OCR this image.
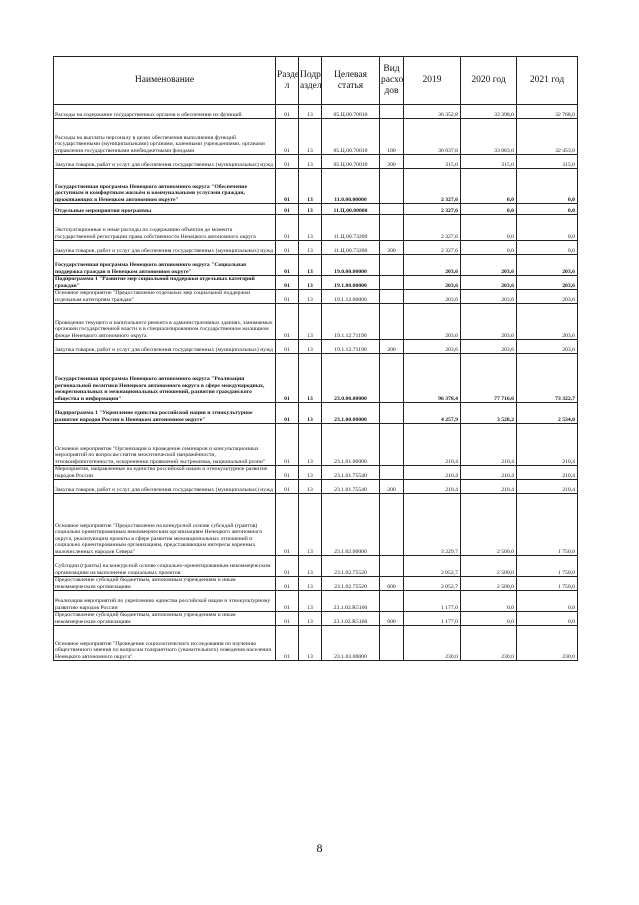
Наименование	Разде л	Подр аздел	Целевая статья	Вид расхо дов	2019	2020 год	2021 год
Расходы на содержание государственных органов и обеспечение их функций	01	13	05.Ц.00.70010		36 352,8	33 398,0	32 768,0
Расходы на выплаты персоналу в целях обеспечения выполнения функций государственными (муниципальными) органами, казенными учреждениями, органами управления государственными внебюджетными фондами	01	13	05.Ц.00.70010	100	36 037,8	33 083,0	32 453,0
Закупка товаров, работ и услуг для обеспечения государственных (муниципальных) нужд	01	13	05.Ц.00.70010	200	315,0	315,0	315,0
Государственная программа Ненецкого автономного округа "Обеспечение доступным и комфортным жильём и коммунальными услугами граждан, проживающих в Ненецком автономном округе"	01	13	11.0.00.00000		2 327,6	0,0	0,0
Отдельные мероприятия программы	01	13	11.Ц.00.00000		2 327,6	0,0	0,0
Эксплуатационные и иные расходы по содержанию объектов до момента государственной регистрации права собственности Ненецкого автономного округа	01	13	11.Ц.00.73200		2 327,6	0,0	0,0
Закупка товаров, работ и услуг для обеспечения государственных (муниципальных) нужд	01	13	11.Ц.00.73200	200	2 327,6	0,0	0,0
Государственная программа Ненецкого автономного округа "Социальная поддержка граждан в Ненецком автономном округе"	01	13	19.0.00.00000		203,6	203,6	203,6
Подпрограмма 1 "Развитие мер социальной поддержки отдельных категорий граждан"	01	13	19.1.00.00000		203,6	203,6	203,6
Основное мероприятие "Предоставление отдельных мер социальной поддержки отдельным категориям граждан"	01	13	19.1.12.00000		203,6	203,6	203,6
Проведение текущего и капитального ремонта в административных зданиях, занимаемых органами государственной власти и в специализированном государственном жилищном фонде Ненецкого автономного округа	01	13	19.1.12.71190		203,6	203,6	203,6
Закупка товаров, работ и услуг для обеспечения государственных (муниципальных) нужд	01	13	19.1.12.71190	200	203,6	203,6	203,6
Государственная программа Ненецкого автономного округа "Реализация региональной политики Ненецкого автономного округа в сфере международных, межрегиональных и межнациональных отношений, развития гражданского общества и информации"	01	13	23.0.00.00000		96 378,4	77 716,6	73 322,7
Подпрограмма 1 "Укрепление единства российской нации и этнокультурное развитие народов России в Ненецком автономном округе"	01	13	23.1.00.00000		4 257,9	3 528,2	2 534,0
Основное мероприятие "Организация и проведение семинаров и консультационных мероприятий по вопросам снятия межэтнической напряжённости, этноконфликтогенности, искоренению проявлений экстремизма, национальной розни"	01	13	23.1.01.00000		210,4	210,4	210,4
Мероприятия, направленные на единство российской нации и этнокультурное развитие народов России	01	13	23.1.01.75540		210,4	210,4	210,4
Закупка товаров, работ и услуг для обеспечения государственных (муниципальных) нужд	01	13	23.1.01.75540	200	210,4	210,4	210,4
Основное мероприятие "Предоставление на конкурсной основе субсидий (грантов) социально ориентированным некоммерческим организациям Ненецкого автономного округа, реализующим проекты в сфере развития межнациональных отношений и социально ориентированным организациям, представляющим интересы коренных малочисленных народов Севера"	01	13	23.1.02.00000		3 229,7	2 500,0	1 750,0
Субсидии (гранты) на конкурсной основе социально-ориентированным некоммерческим организациям на выполнение социальных проектов	01	13	23.1.02.75520		2 052,7	2 500,0	1 750,0
Предоставление субсидий бюджетным, автономным учреждениям и иным некоммерческим организациям	01	13	23.1.02.75520	600	2 052,7	2 500,0	1 750,0
Реализация мероприятий по укреплению единства российской нации и этнокультурному развитию народов России	01	13	23.1.02.R5160		1 177,0	0,0	0,0
Предоставление субсидий бюджетным, автономным учреждениям и иным некоммерческим организациям	01	13	23.1.02.R5160	600	1 177,0	0,0	0,0
Основное мероприятие "Проведение социологического исследования по изучению общественного мнения по вопросам толерантного (уважительного) поведения населения Ненецкого автономного округа"	01	13	23.1.03.00000		230,0	230,0	230,0
8
